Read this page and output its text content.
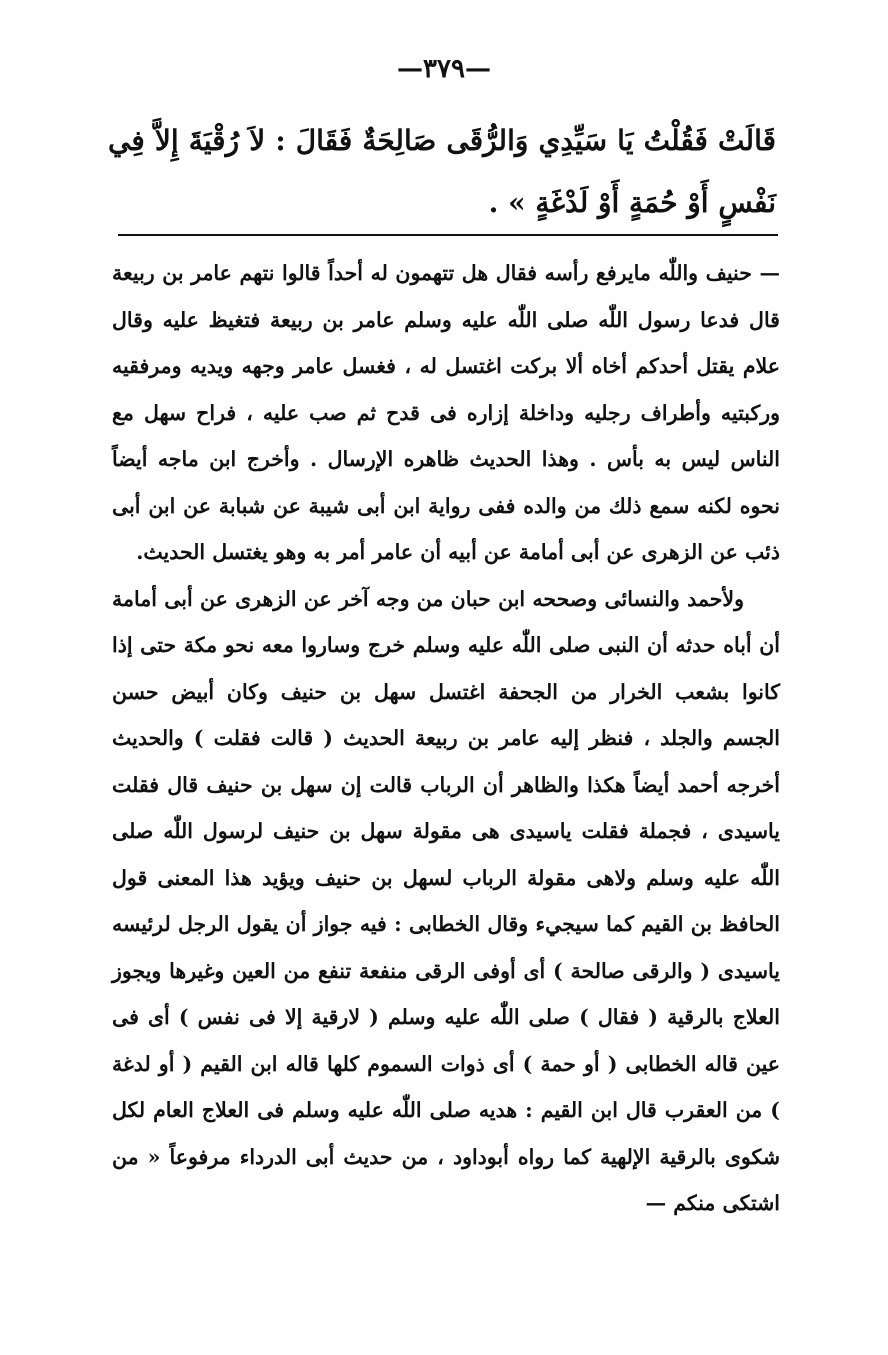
—٣٧٩—
قَالَتْ فَقُلْتُ يَا سَيِّدِي وَالرُّقَى صَالِحَةٌ فَقَالَ : لاَ رُقْيَةَ إِلاَّ فِي نَفْسٍ أَوْ حُمَةٍ أَوْ لَدْغَةٍ » .

— حنيف واللّٰه مايرفع رأسه فقال هل تتهمون له أحداً قالوا نتهم عامر بن ربيعة قال فدعا رسول اللّٰه صلى اللّٰه عليه وسلم عامر بن ربيعة فتغيظ عليه وقال علام يقتل أحدكم أخاه ألا بركت اغتسل له ، فغسل عامر وجهه ويديه ومرفقيه وركبتيه وأطراف رجليه وداخلة إزاره فى قدح ثم صب عليه ، فراح سهل مع الناس ليس به بأس . وهذا الحديث ظاهره الإرسال . وأخرج ابن ماجه أيضاً نحوه لكنه سمع ذلك من والده ففى رواية ابن أبى شيبة عن شبابة عن ابن أبى ذئب عن الزهرى عن أبى أمامة عن أبيه أن عامر أمر به وهو يغتسل الحديث.

ولأحمد والنسائى وصححه ابن حبان من وجه آخر عن الزهرى عن أبى أمامة أن أباه حدثه أن النبى صلى اللّٰه عليه وسلم خرج وساروا معه نحو مكة حتى إذا كانوا بشعب الخرار من الجحفة اغتسل سهل بن حنيف وكان أبيض حسن الجسم والجلد ، فنظر إليه عامر بن ربيعة الحديث ( قالت فقلت ) والحديث أخرجه أحمد أيضاً هكذا والظاهر أن الرباب قالت إن سهل بن حنيف قال فقلت ياسيدى ، فجملة فقلت ياسيدى هى مقولة سهل بن حنيف لرسول اللّٰه صلى اللّٰه عليه وسلم ولاهى مقولة الرباب لسهل بن حنيف ويؤيد هذا المعنى قول الحافظ بن القيم كما سيجيء وقال الخطابى : فيه جواز أن يقول الرجل لرئيسه ياسيدى ( والرقى صالحة ) أى أوفى الرقى منفعة تنفع من العين وغيرها ويجوز العلاج بالرقية ( فقال ) صلى اللّٰه عليه وسلم ( لارقية إلا فى نفس ) أى فى عين قاله الخطابى ( أو حمة ) أى ذوات السموم كلها قاله ابن القيم ( أو لدغة ) من العقرب قال ابن القيم : هديه صلى اللّٰه عليه وسلم فى العلاج العام لكل شكوى بالرقية الإلهية كما رواه أبوداود ، من حديث أبى الدرداء مرفوعاً « من اشتكى منكم —
